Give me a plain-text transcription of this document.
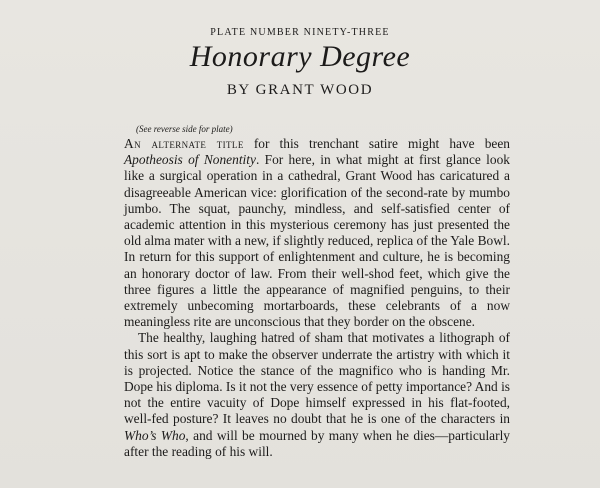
PLATE NUMBER NINETY-THREE
Honorary Degree
BY GRANT WOOD
(See reverse side for plate)

An alternate title for this trenchant satire might have been Apotheosis of Nonentity. For here, in what might at first glance look like a surgical operation in a cathedral, Grant Wood has caricatured a disagreeable American vice: glorification of the second-rate by mumbo jumbo. The squat, paunchy, mindless, and self-satisfied center of academic attention in this mysterious ceremony has just presented the old alma mater with a new, if slightly reduced, replica of the Yale Bowl. In return for this support of enlightenment and culture, he is becoming an honorary doctor of law. From their well-shod feet, which give the three figures a little the appearance of magnified penguins, to their extremely unbecoming mortarboards, these celebrants of a now meaningless rite are unconscious that they border on the obscene.

The healthy, laughing hatred of sham that motivates a lithograph of this sort is apt to make the observer underrate the artistry with which it is projected. Notice the stance of the magnifico who is handing Mr. Dope his diploma. Is it not the very essence of petty importance? And is not the entire vacuity of Dope himself expressed in his flat-footed, well-fed posture? It leaves no doubt that he is one of the characters in Who’s Who, and will be mourned by many when he dies—particularly after the reading of his will.
